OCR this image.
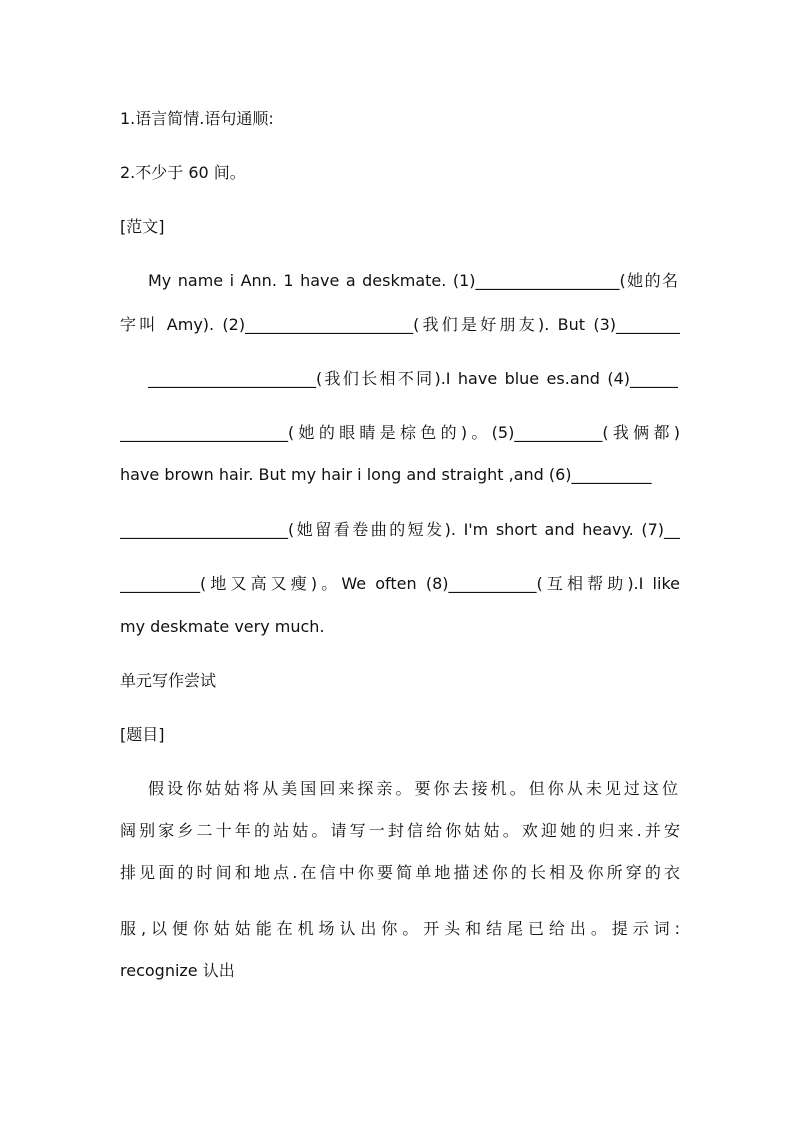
1.语言简情.语句通顺:
2.不少于 60 间。
[范文]
My name i Ann. 1 have a deskmate. (1)__________________(她的名
字叫 Amy). (2)_____________________(我们是好朋友). But (3)________
_____________________(我们长相不同).I have blue es.and (4)______
_____________________(她的眼睛是棕色的)。(5)___________(我俩都)
have brown hair. But my hair i long and straight ,and (6)__________
_____________________(她留看卷曲的短发). I'm short and heavy. (7)__
__________(地又高又瘦)。We often (8)___________(互相帮助).I like
my deskmate very much.
单元写作尝试
[题目]
假设你姑姑将从美国回来探亲。要你去接机。但你从未见过这位
阔别家乡二十年的站姑。请写一封信给你姑姑。欢迎她的归来.并安
排见面的时间和地点.在信中你要简单地描述你的长相及你所穿的衣
服,以便你姑姑能在机场认出你。开头和结尾已给出。提示词:
recognize 认出
